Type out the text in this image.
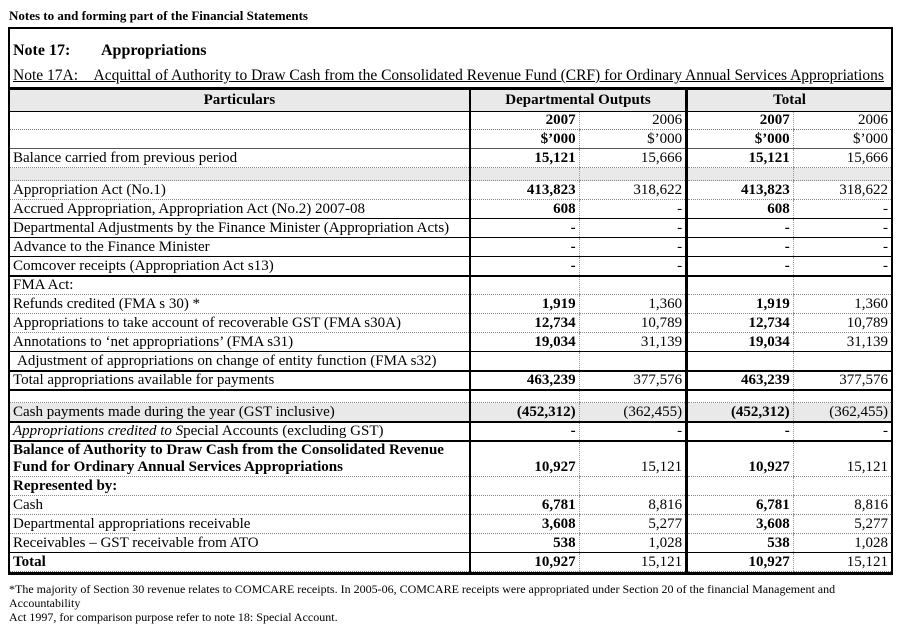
Notes to and forming part of the Financial Statements
Note 17: Appropriations
Note 17A: Acquittal of Authority to Draw Cash from the Consolidated Revenue Fund (CRF) for Ordinary Annual Services Appropriations
Particulars	Departmental Outputs		Total	
	2007	2006	2007	2006
	$’000	$’000	$’000	$’000
Balance carried from previous period	15,121	15,666	15,121	15,666

Appropriation Act (No.1)	413,823	318,622	413,823	318,622
Accrued Appropriation, Appropriation Act (No.2) 2007-08	608	-	608	-
Departmental Adjustments by the Finance Minister (Appropriation Acts)	-	-	-	-
Advance to the Finance Minister	-	-	-	-
Comcover receipts (Appropriation Act s13)	-	-	-	-
FMA Act:				
Refunds credited (FMA s 30) *	1,919	1,360	1,919	1,360
Appropriations to take account of recoverable GST (FMA s30A)	12,734	10,789	12,734	10,789
Annotations to ‘net appropriations’ (FMA s31)	19,034	31,139	19,034	31,139
Adjustment of appropriations on change of entity function (FMA s32)				
Total appropriations available for payments	463,239	377,576	463,239	377,576

Cash payments made during the year (GST inclusive)	(452,312)	(362,455)	(452,312)	(362,455)
Appropriations credited to Special Accounts (excluding GST)	-	-	-	-
Balance of Authority to Draw Cash from the Consolidated Revenue Fund for Ordinary Annual Services Appropriations	10,927	15,121	10,927	15,121
Represented by:				
Cash	6,781	8,816	6,781	8,816
Departmental appropriations receivable	3,608	5,277	3,608	5,277
Receivables – GST receivable from ATO	538	1,028	538	1,028
Total	10,927	15,121	10,927	15,121
*The majority of Section 30 revenue relates to COMCARE receipts. In 2005-06, COMCARE receipts were appropriated under Section 20 of the financial Management and Accountability
Act 1997, for comparison purpose refer to note 18: Special Account.
